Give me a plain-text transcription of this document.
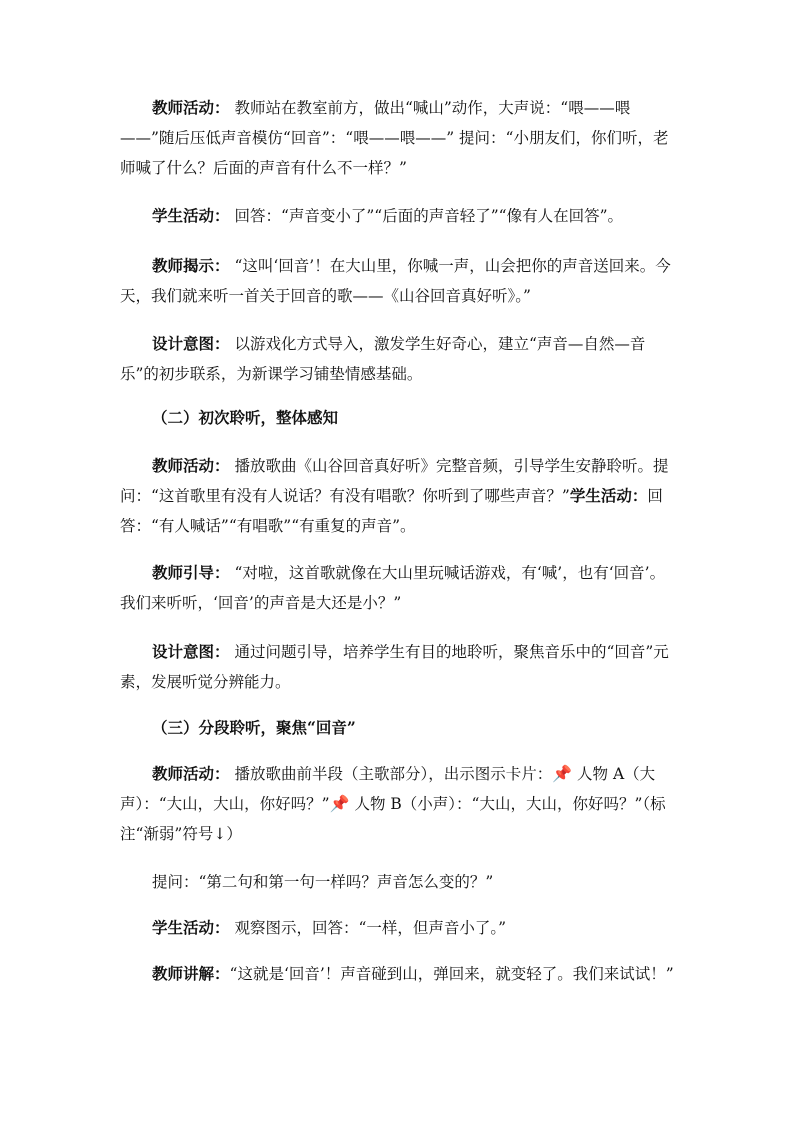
教师活动： 教师站在教室前方，做出“喊山”动作，大声说：“喂——喂——”随后压低声音模仿“回音”：“喂——喂——” 提问：“小朋友们，你们听，老师喊了什么？后面的声音有什么不一样？”

学生活动： 回答：“声音变小了”“后面的声音轻了”“像有人在回答”。

教师揭示： “这叫‘回音’！在大山里，你喊一声，山会把你的声音送回来。今天，我们就来听一首关于回音的歌——《山谷回音真好听》。”

设计意图： 以游戏化方式导入，激发学生好奇心，建立“声音—自然—音乐”的初步联系，为新课学习铺垫情感基础。

（二）初次聆听，整体感知

教师活动： 播放歌曲《山谷回音真好听》完整音频，引导学生安静聆听。提问：“这首歌里有没有人说话？有没有唱歌？你听到了哪些声音？”学生活动：回答：“有人喊话”“有唱歌”“有重复的声音”。

教师引导： “对啦，这首歌就像在大山里玩喊话游戏，有‘喊’，也有‘回音’。我们来听听，‘回音’的声音是大还是小？”

设计意图： 通过问题引导，培养学生有目的地聆听，聚焦音乐中的“回音”元素，发展听觉分辨能力。

（三）分段聆听，聚焦“回音”

教师活动： 播放歌曲前半段（主歌部分），出示图示卡片：📌 人物 A（大声）：“大山，大山，你好吗？”📌 人物 B（小声）：“大山，大山，你好吗？”（标注“渐弱”符号↓）

提问：“第二句和第一句一样吗？声音怎么变的？”

学生活动： 观察图示，回答：“一样，但声音小了。”

教师讲解：“这就是‘回音’！声音碰到山，弹回来，就变轻了。我们来试试！”
